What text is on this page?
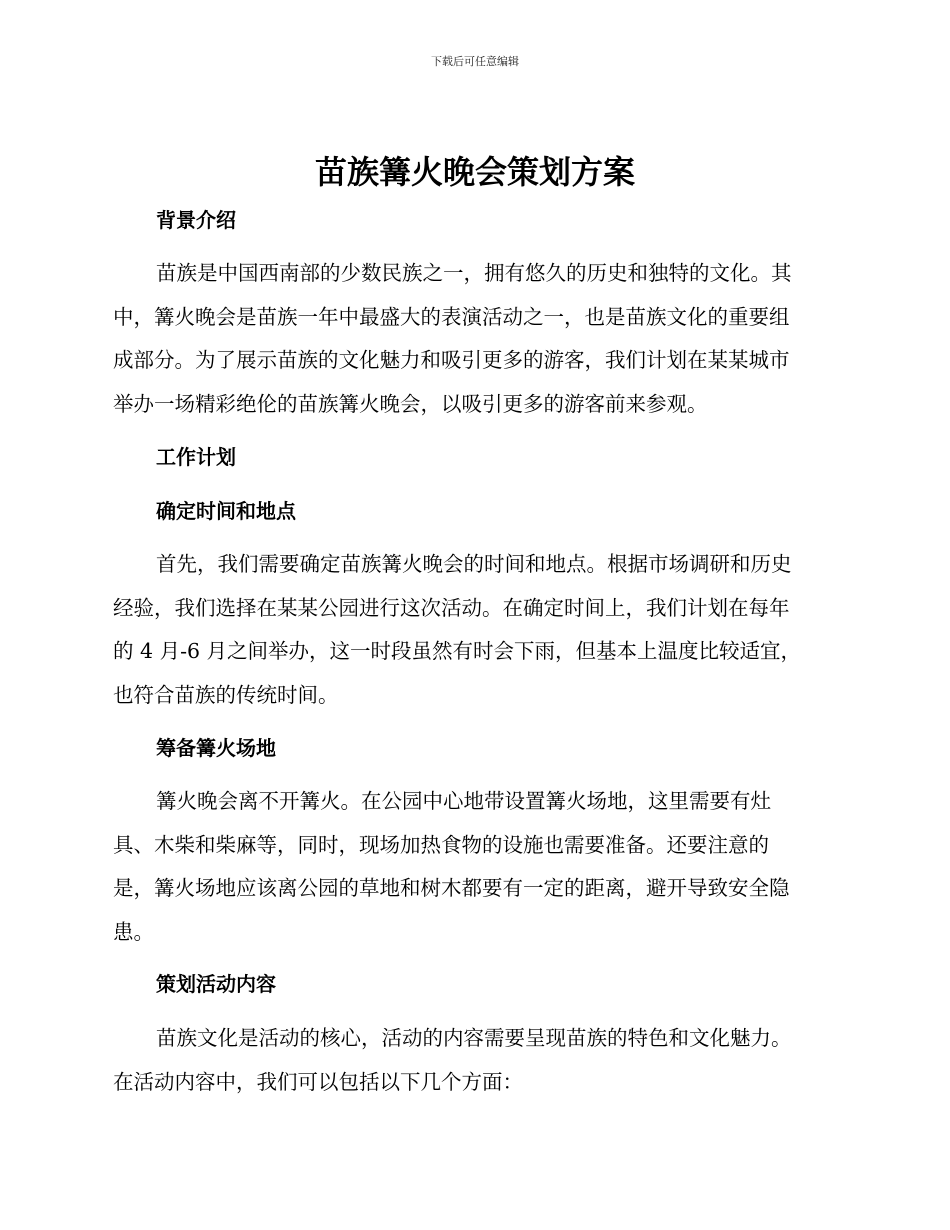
下载后可任意编辑
苗族篝火晚会策划方案
背景介绍
苗族是中国西南部的少数民族之一，拥有悠久的历史和独特的文化。其
中，篝火晚会是苗族一年中最盛大的表演活动之一，也是苗族文化的重要组
成部分。为了展示苗族的文化魅力和吸引更多的游客，我们计划在某某城市
举办一场精彩绝伦的苗族篝火晚会，以吸引更多的游客前来参观。
工作计划
确定时间和地点
首先，我们需要确定苗族篝火晚会的时间和地点。根据市场调研和历史
经验，我们选择在某某公园进行这次活动。在确定时间上，我们计划在每年
的 4 月-6 月之间举办，这一时段虽然有时会下雨，但基本上温度比较适宜，
也符合苗族的传统时间。
筹备篝火场地
篝火晚会离不开篝火。在公园中心地带设置篝火场地，这里需要有灶
具、木柴和柴麻等，同时，现场加热食物的设施也需要准备。还要注意的
是，篝火场地应该离公园的草地和树木都要有一定的距离，避开导致安全隐
患。
策划活动内容
苗族文化是活动的核心，活动的内容需要呈现苗族的特色和文化魅力。
在活动内容中，我们可以包括以下几个方面：
